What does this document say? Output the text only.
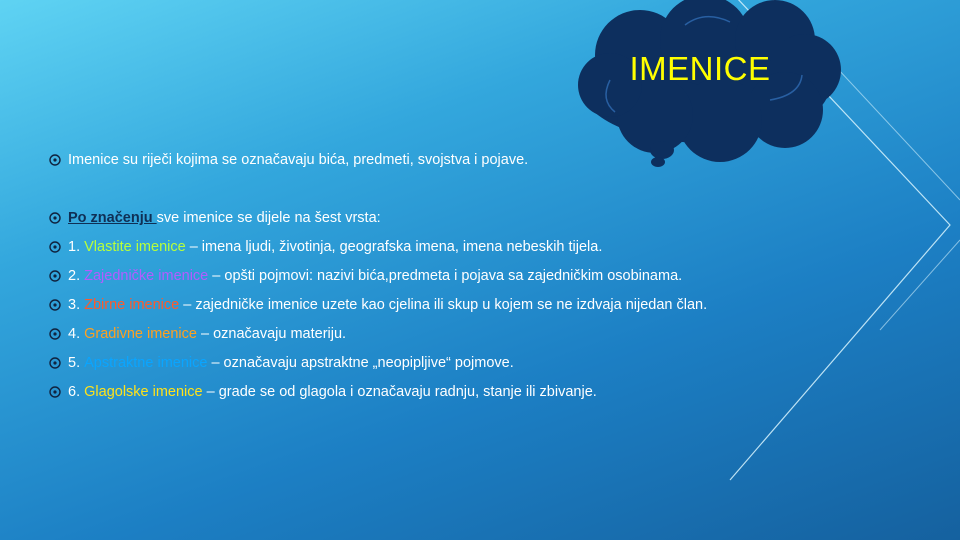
IMENICE
Imenice su riječi kojima se označavaju bića, predmeti, svojstva i pojave.
Po značenju sve imenice se dijele na šest vrsta:
1.
Vlastite imenice
– imena ljudi, životinja, geografska imena, imena nebeskih tijela.
2.
Zajedničke imenice
– opšti pojmovi: nazivi bića,predmeta i pojava sa zajedničkim osobinama.
3.
Zbirne imenice
– zajedničke imenice uzete kao cjelina ili skup u kojem se ne izdvaja nijedan član.
4.
Gradivne imenice
– označavaju materiju.
5.
Apstraktne imenice
– označavaju apstraktne „neopipljive“ pojmove.
6.
Glagolske imenice
– grade se od glagola i označavaju radnju, stanje ili zbivanje.
